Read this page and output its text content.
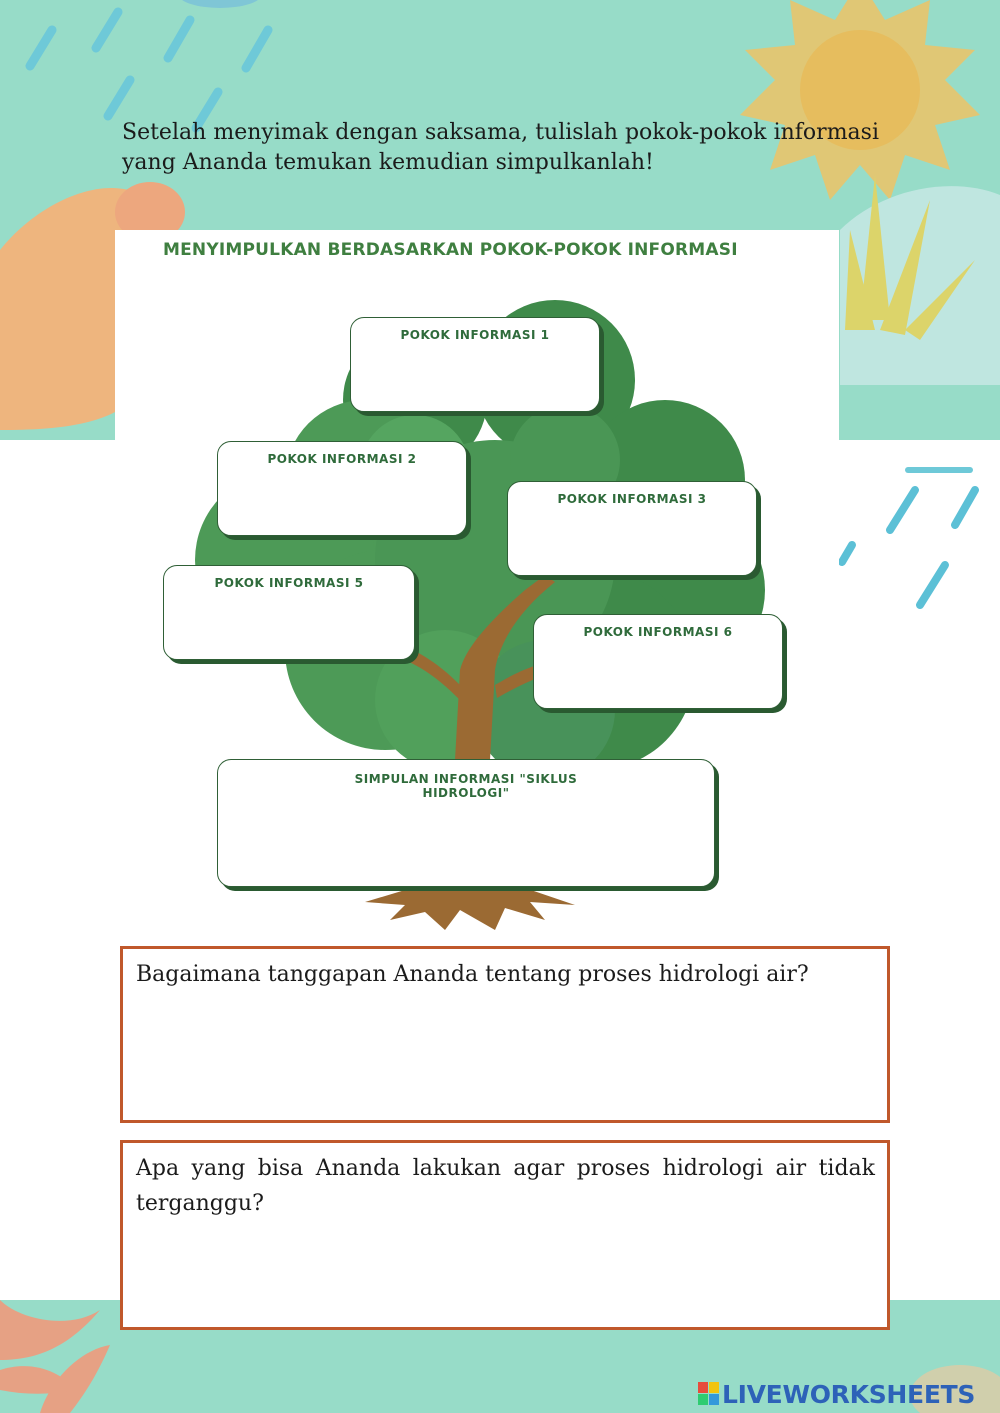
Setelah menyimak dengan saksama, tulislah pokok-pokok informasi yang Ananda temukan kemudian simpulkanlah!
MENYIMPULKAN BERDASARKAN POKOK-POKOK INFORMASI
POKOK INFORMASI 1
POKOK INFORMASI 2
POKOK INFORMASI 3
POKOK INFORMASI 5
POKOK INFORMASI 6
SIMPULAN INFORMASI "SIKLUS HIDROLOGI"
Bagaimana tanggapan Ananda tentang proses hidrologi air?
Apa yang bisa Ananda lakukan agar proses hidrologi air tidak terganggu?
LIVEWORKSHEETS
